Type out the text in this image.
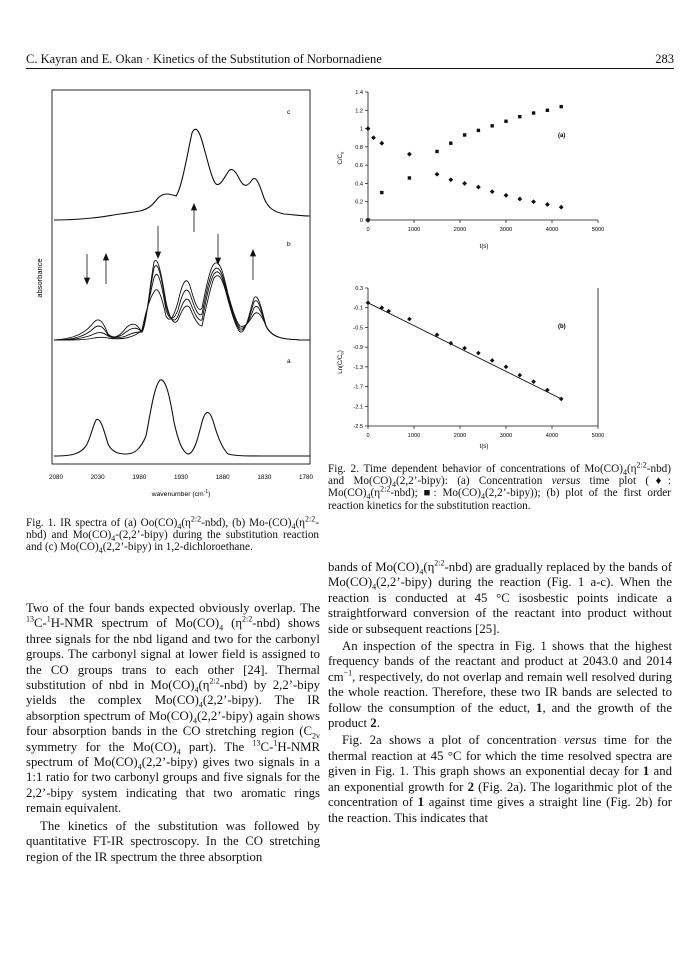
C. Kayran and E. Okan · Kinetics of the Substitution of Norbornadiene	283
absorbance
2080	2030	1980	1930	1880	1830	1780
wavenumber $(cm^{-1})$
c
b
a
0
0.2
0.4
0.6
0.8
1
1.2
1.4
0	1000	2000	3000	4000	5000
(a)
t(s)
$C/C_o$
0.3
-0.1
-0.5
-0.9
-1.3
-1.7
-2.1
-2.5
0	1000	2000	3000	4000	5000
(b)
t(s)
$Ln(C/C_o)$
Fig. 1. IR spectra of (a) $Oo(CO)_4(\eta^{2:2}-nbd)$, (b) $Mo-(CO)_4(\eta^{2:2}-nbd)$ and $Mo(CO)_4-(2,2’-bipy)$ during the substitution reaction and (c) $Mo(CO)_4(2,2’-bipy)$ in 1,2-dichloroethane.
Fig. 2. Time dependent behavior of concentrations of $Mo(CO)_4(\eta^{2:2}-nbd)$ and $Mo(CO)_4(2,2’-bipy)$: (a) Concentration versus time plot (♦: $Mo(CO)_4(\eta^{2:2}-nbd)$; ■: $Mo(CO)_4(2,2’-bipy)$); (b) plot of the first order reaction kinetics for the substitution reaction.

Two of the four bands expected obviously overlap. The $^{13}$C-$^1$H-NMR spectrum of $Mo(CO)_4$ $(\eta^{2:2}-nbd)$ shows three signals for the nbd ligand and two for the carbonyl groups. The carbonyl signal at lower field is assigned to the CO groups trans to each other [24]. Thermal substitution of nbd in $Mo(CO)_4(\eta^{2:2}-nbd)$ by 2,2’-bipy yields the complex $Mo(CO)_4(2,2’-bipy)$. The IR absorption spectrum of $Mo(CO)_4(2,2’-bipy)$ again shows four absorption bands in the CO stretching region ($C_{2v}$ symmetry for the $Mo(CO)_4$ part). The $^{13}$C-$^1$H-NMR spectrum of $Mo(CO)_4(2,2’-bipy)$ gives two signals in a 1:1 ratio for two carbonyl groups and five signals for the 2,2’-bipy system indicating that two aromatic rings remain equivalent.

The kinetics of the substitution was followed by quantitative FT-IR spectroscopy. In the CO stretching region of the IR spectrum the three absorption

bands of $Mo(CO)_4(\eta^{2:2}-nbd)$ are gradually replaced by the bands of $Mo(CO)_4(2,2’-bipy)$ during the reaction (Fig. 1 a-c). When the reaction is conducted at 45 °C isosbestic points indicate a straightforward conversion of the reactant into product without side or subsequent reactions [25].

An inspection of the spectra in Fig. 1 shows that the highest frequency bands of the reactant and product at 2043.0 and 2014 $cm^{-1}$, respectively, do not overlap and remain well resolved during the whole reaction. Therefore, these two IR bands are selected to follow the consumption of the educt, 1, and the growth of the product 2.

Fig. 2a shows a plot of concentration versus time for the thermal reaction at 45 °C for which the time resolved spectra are given in Fig. 1. This graph shows an exponential decay for 1 and an exponential growth for 2 (Fig. 2a). The logarithmic plot of the concentration of 1 against time gives a straight line (Fig. 2b) for the reaction. This indicates that
